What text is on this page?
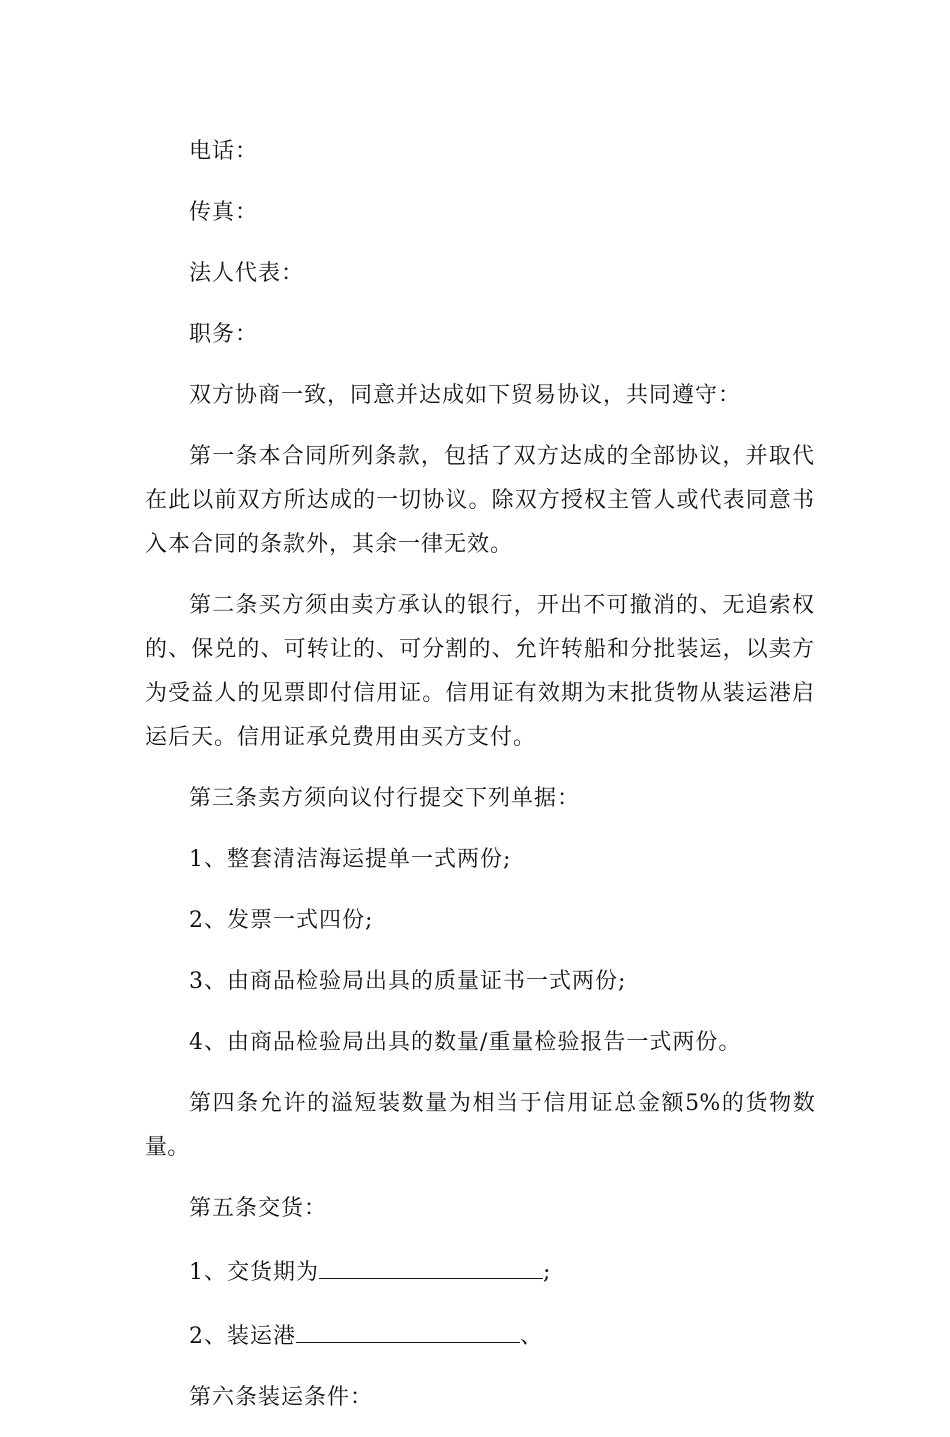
电话：

传真：

法人代表：

职务：

双方协商一致，同意并达成如下贸易协议，共同遵守：

第一条本合同所列条款，包括了双方达成的全部协议，并取代在此以前双方所达成的一切协议。除双方授权主管人或代表同意书入本合同的条款外，其余一律无效。

第二条买方须由卖方承认的银行，开出不可撤消的、无追索权的、保兑的、可转让的、可分割的、允许转船和分批装运，以卖方为受益人的见票即付信用证。信用证有效期为末批货物从装运港启运后天。信用证承兑费用由买方支付。

第三条卖方须向议付行提交下列单据：

1、整套清洁海运提单一式两份;

2、发票一式四份;

3、由商品检验局出具的质量证书一式两份;

4、由商品检验局出具的数量/重量检验报告一式两份。

第四条允许的溢短装数量为相当于信用证总金额5%的货物数量。

第五条交货：

1、交货期为	;

2、装运港	、

第六条装运条件：
